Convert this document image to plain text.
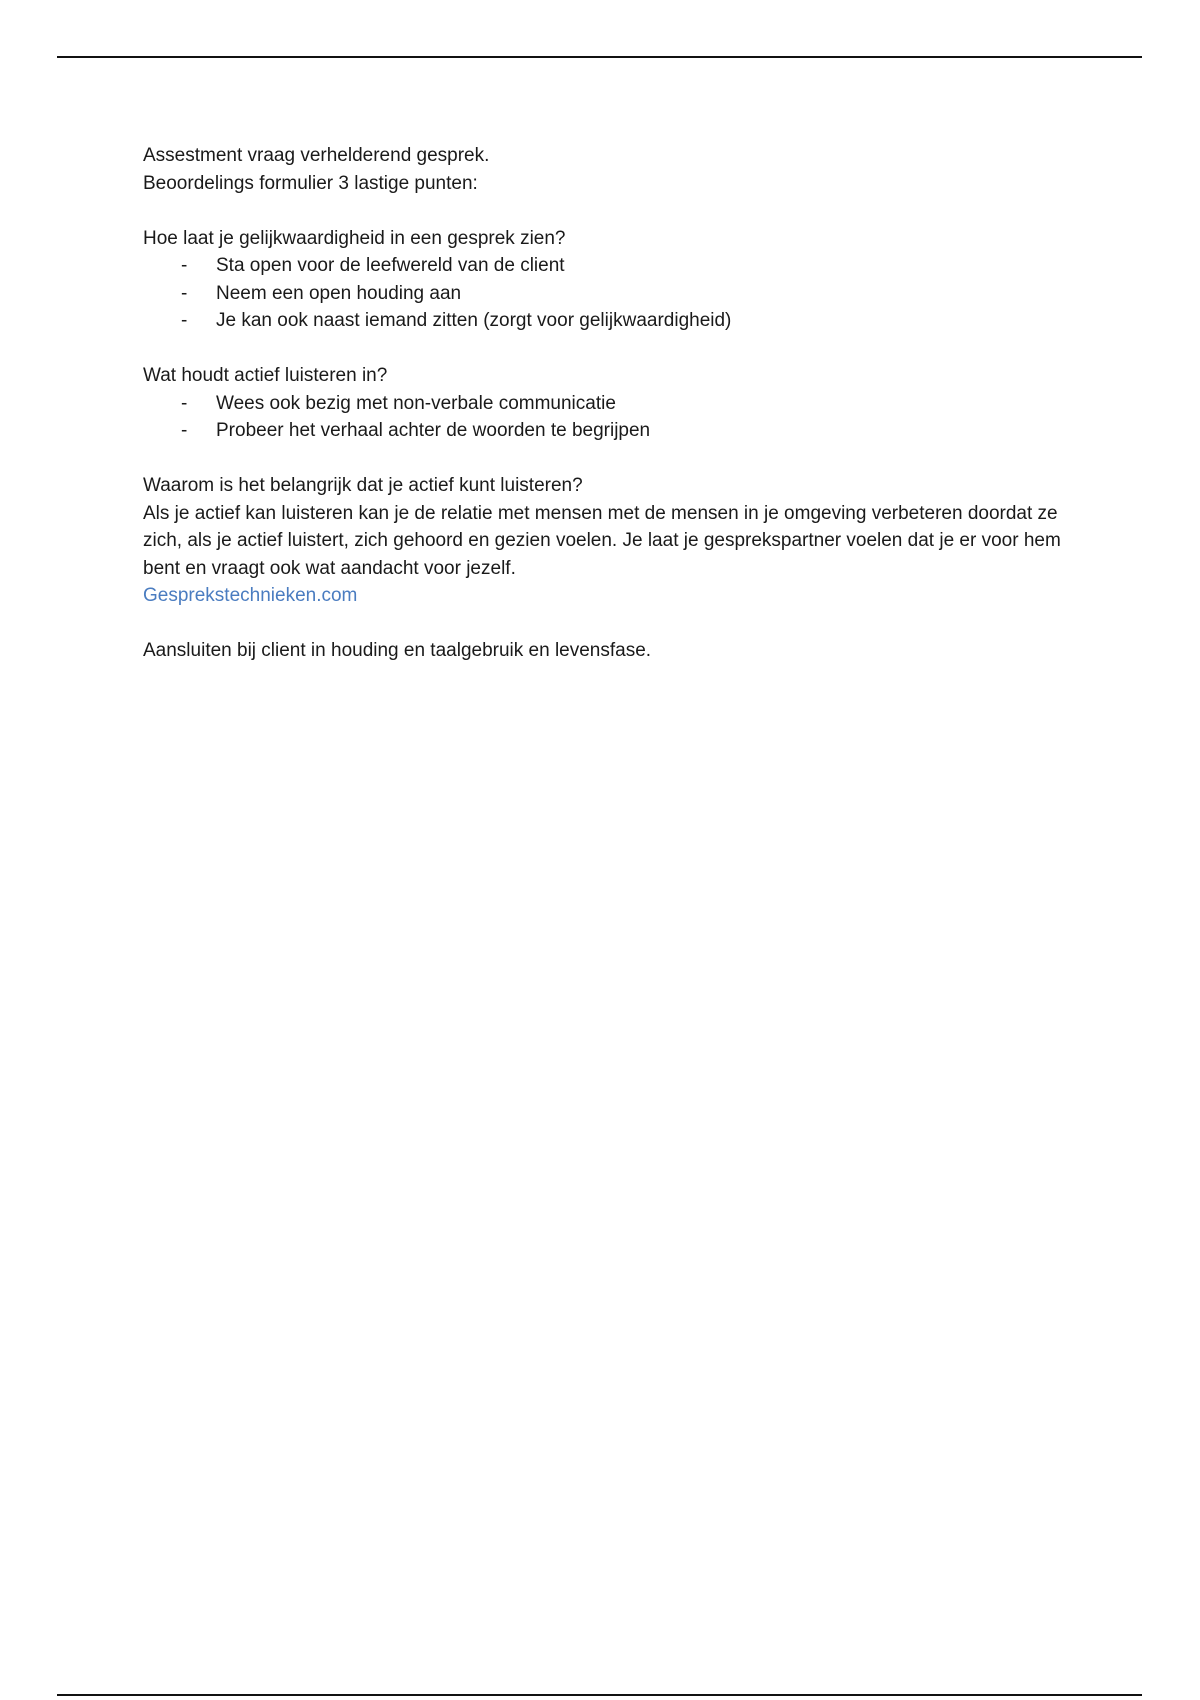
Assestment vraag verhelderend gesprek.
Beoordelings formulier 3 lastige punten:
Hoe laat je gelijkwaardigheid in een gesprek zien?
- Sta open voor de leefwereld van de client
- Neem een open houding aan
- Je kan ook naast iemand zitten (zorgt voor gelijkwaardigheid)
Wat houdt actief luisteren in?
- Wees ook bezig met non-verbale communicatie
- Probeer het verhaal achter de woorden te begrijpen
Waarom is het belangrijk dat je actief kunt luisteren?

Als je actief kan luisteren kan je de relatie met mensen met de mensen in je omgeving verbeteren doordat ze zich, als je actief luistert, zich gehoord en gezien voelen. Je laat je gesprekspartner voelen dat je er voor hem bent en vraagt ook wat aandacht voor jezelf.

Gesprekstechnieken.com
Aansluiten bij client in houding en taalgebruik en levensfase.
